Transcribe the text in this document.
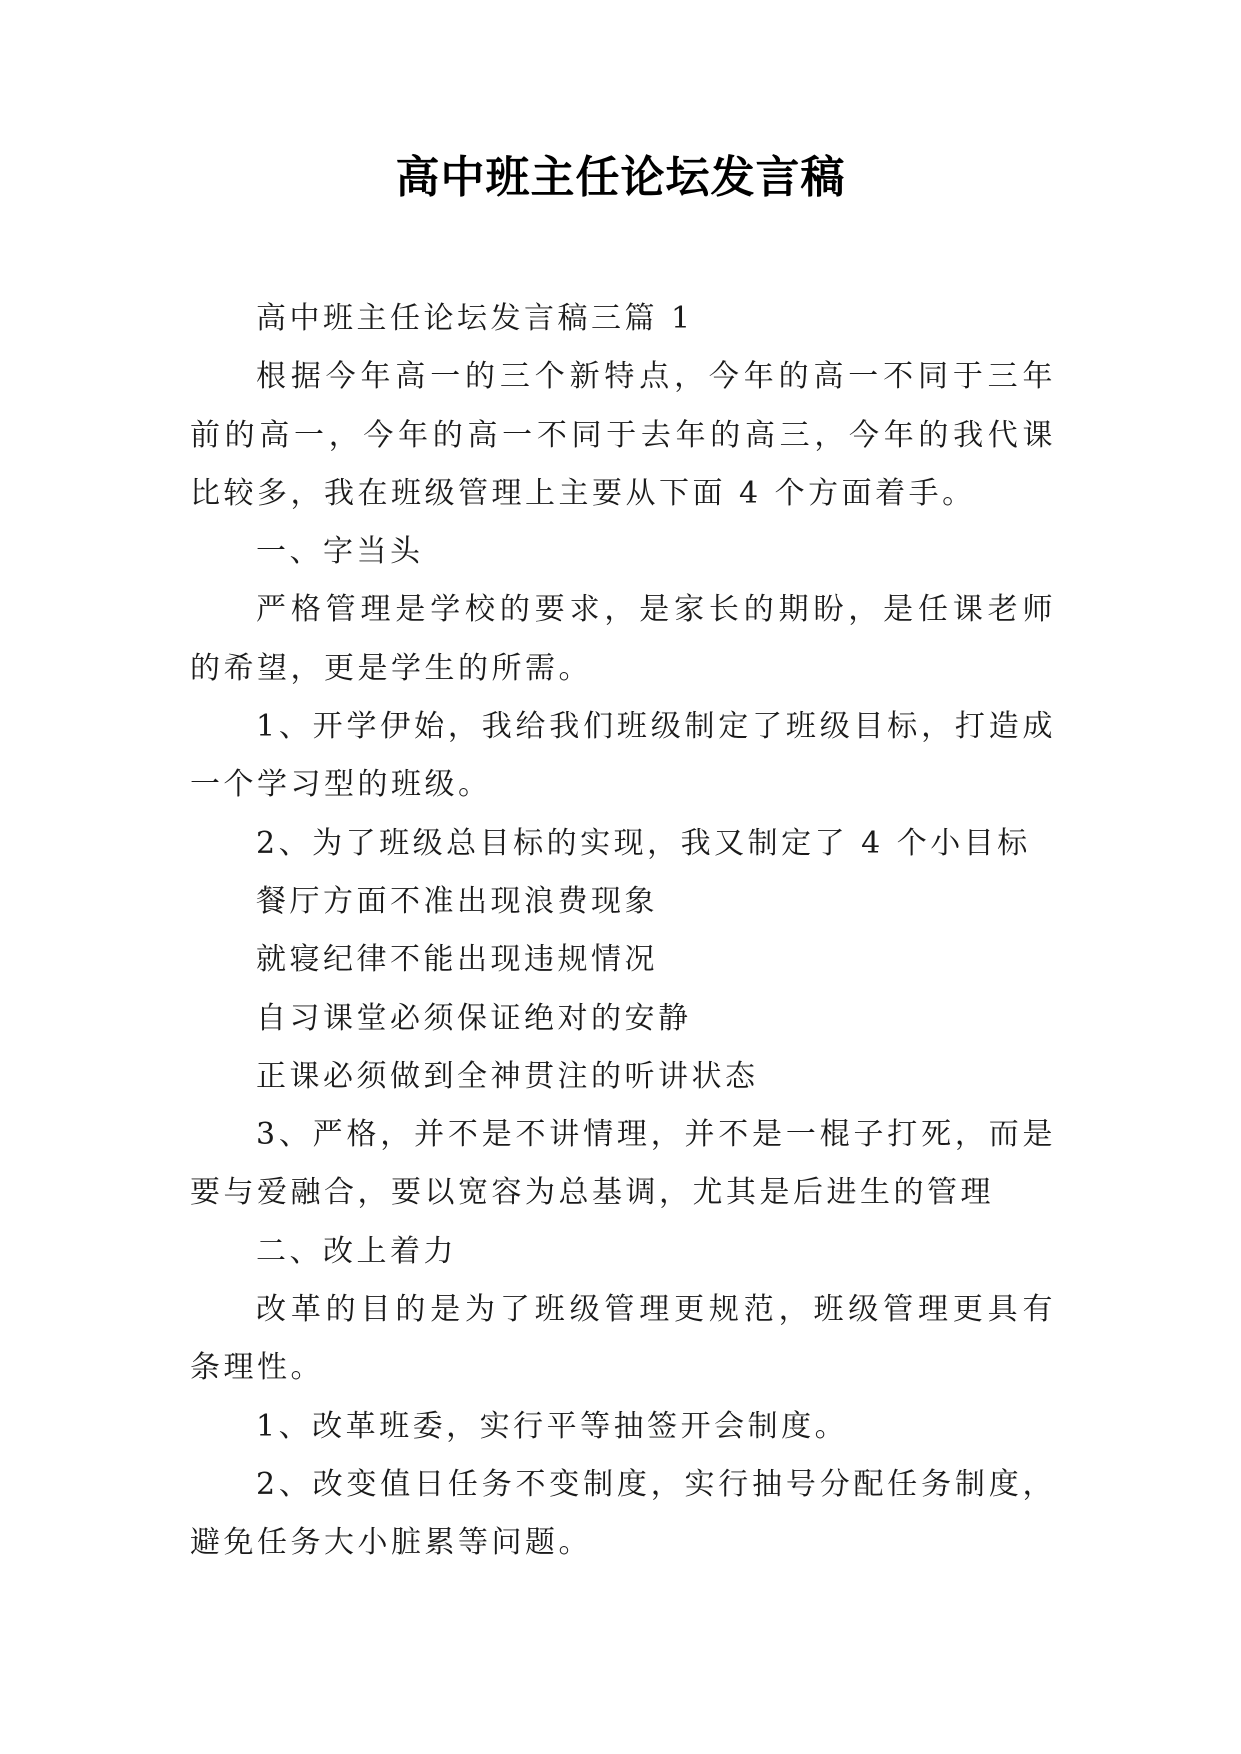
高中班主任论坛发言稿

高中班主任论坛发言稿三篇 1

根据今年高一的三个新特点，今年的高一不同于三年前的高一，今年的高一不同于去年的高三，今年的我代课比较多，我在班级管理上主要从下面 4 个方面着手。

一、字当头

严格管理是学校的要求，是家长的期盼，是任课老师的希望，更是学生的所需。

1、开学伊始，我给我们班级制定了班级目标，打造成一个学习型的班级。

2、为了班级总目标的实现，我又制定了 4 个小目标

餐厅方面不准出现浪费现象

就寝纪律不能出现违规情况

自习课堂必须保证绝对的安静

正课必须做到全神贯注的听讲状态

3、严格，并不是不讲情理，并不是一棍子打死，而是要与爱融合，要以宽容为总基调，尤其是后进生的管理

二、改上着力

改革的目的是为了班级管理更规范，班级管理更具有条理性。

1、改革班委，实行平等抽签开会制度。

2、改变值日任务不变制度，实行抽号分配任务制度，避免任务大小脏累等问题。
